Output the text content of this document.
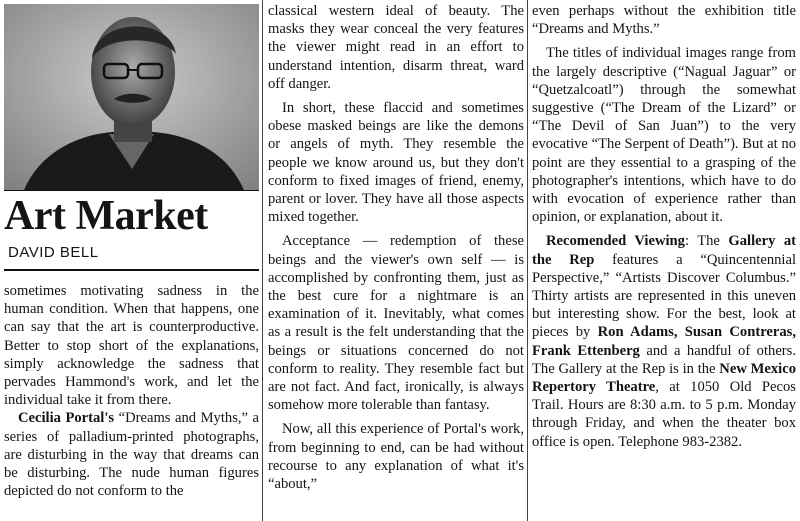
Art Market
DAVID BELL

sometimes motivating sadness in the human condition. When that happens, one can say that the art is counterproductive. Better to stop short of the explanations, simply acknowledge the sadness that pervades Hammond's work, and let the individual take it from there.

Cecilia Portal's “Dreams and Myths,” a series of palladium-printed photographs, are disturbing in the way that dreams can be disturbing. The nude human figures depicted do not conform to the

classical western ideal of beauty. The masks they wear conceal the very features the viewer might read in an effort to understand intention, disarm threat, ward off danger.

In short, these flaccid and sometimes obese masked beings are like the demons or angels of myth. They resemble the people we know around us, but they don't conform to fixed images of friend, enemy, parent or lover. They have all those aspects mixed together.

Acceptance — redemption of these beings and the viewer's own self — is accomplished by confronting them, just as the best cure for a nightmare is an examination of it. Inevitably, what comes as a result is the felt understanding that the beings or situations concerned do not conform to reality. They resemble fact but are not fact. And fact, ironically, is always somehow more tolerable than fantasy.

Now, all this experience of Portal's work, from beginning to end, can be had without recourse to any explanation of what it's “about,”

even perhaps without the exhibition title “Dreams and Myths.”

The titles of individual images range from the largely descriptive (“Nagual Jaguar” or “Quetzalcoatl”) through the somewhat suggestive (“The Dream of the Lizard” or “The Devil of San Juan”) to the very evocative “The Serpent of Death”). But at no point are they essential to a grasping of the photographer's intentions, which have to do with evocation of experience rather than opinion, or explanation, about it.

Recomended Viewing: The Gallery at the Rep features a “Quincentennial Perspective,” “Artists Discover Columbus.” Thirty artists are represented in this uneven but interesting show. For the best, look at pieces by Ron Adams, Susan Contreras, Frank Ettenberg and a handful of others. The Gallery at the Rep is in the New Mexico Repertory Theatre, at 1050 Old Pecos Trail. Hours are 8:30 a.m. to 5 p.m. Monday through Friday, and when the theater box office is open. Telephone 983-2382.
